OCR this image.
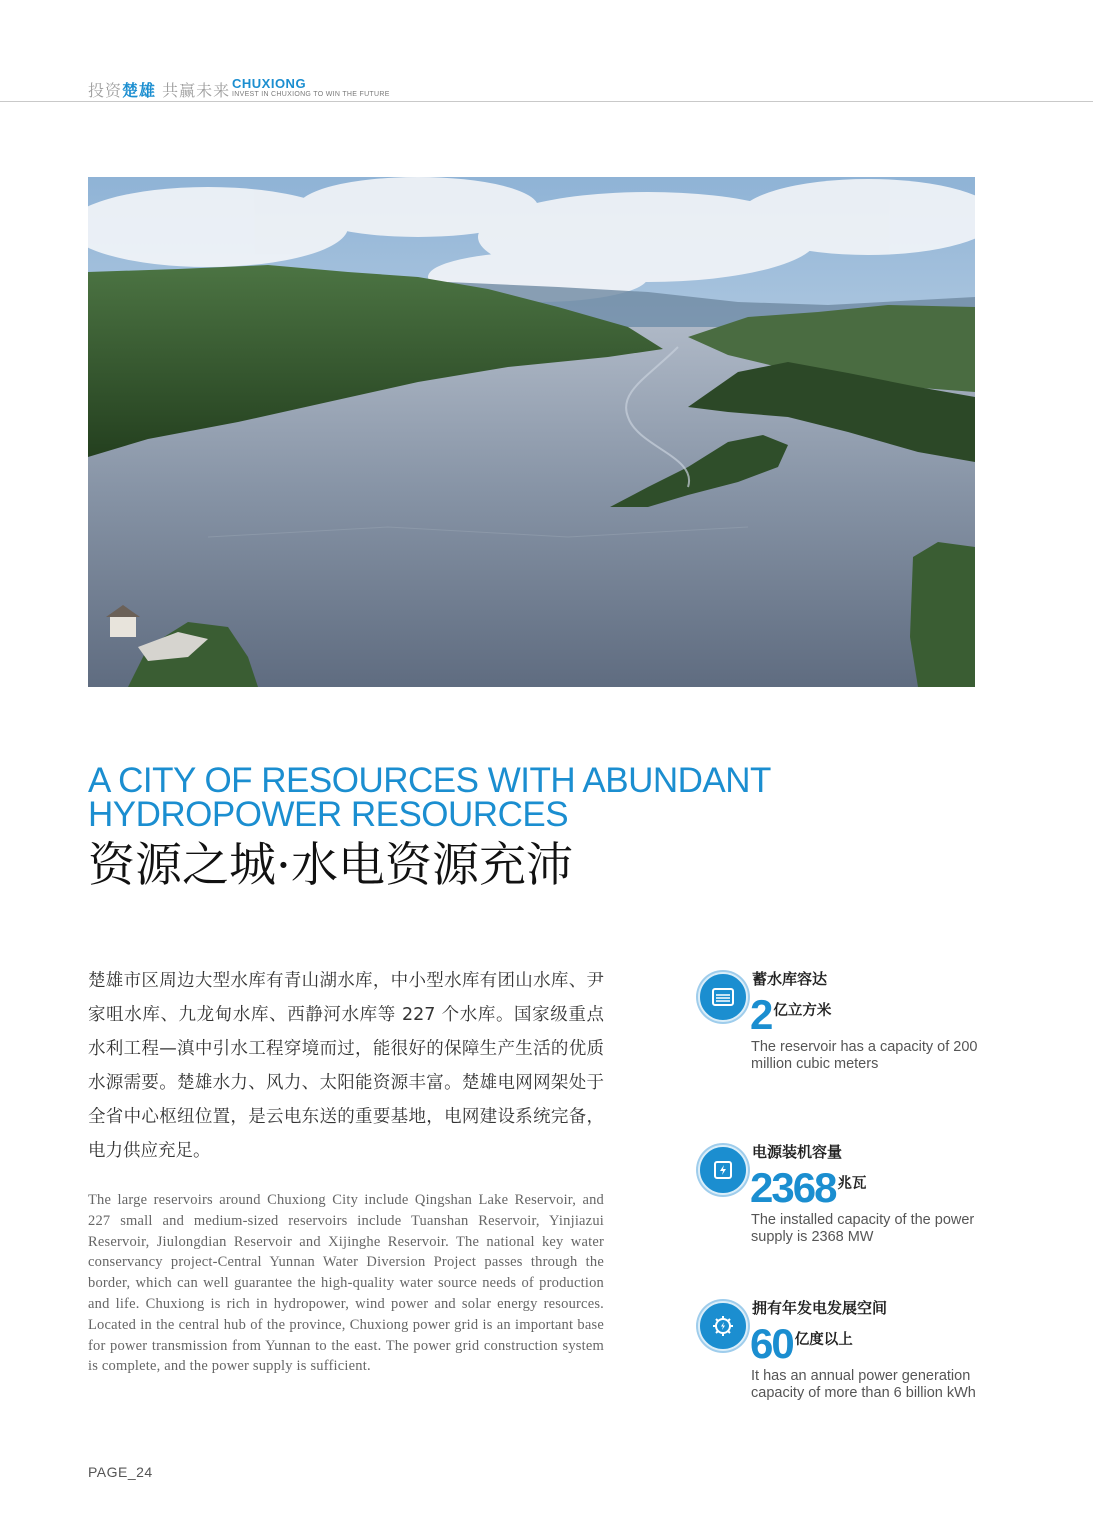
投资楚雄 共赢未来 CHUXIONG
INVEST IN CHUXIONG TO WIN THE FUTURE
A CITY OF RESOURCES WITH ABUNDANT
HYDROPOWER RESOURCES
资源之城·水电资源充沛
楚雄市区周边大型水库有青山湖水库，中小型水库有团山水库、尹家咀水库、九龙甸水库、西静河水库等 227 个水库。国家级重点水利工程—滇中引水工程穿境而过，能很好的保障生产生活的优质水源需要。楚雄水力、风力、太阳能资源丰富。楚雄电网网架处于全省中心枢纽位置，是云电东送的重要基地，电网建设系统完备，电力供应充足。
The large reservoirs around Chuxiong City include Qingshan Lake Reservoir, and 227 small and medium-sized reservoirs include Tuanshan Reservoir, Yinjiazui Reservoir, Jiulongdian Reservoir and Xijinghe Reservoir. The national key water conservancy project-Central Yunnan Water Diversion Project passes through the border, which can well guarantee the high-quality water source needs of production and life. Chuxiong is rich in hydropower, wind power and solar energy resources. Located in the central hub of the province, Chuxiong power grid is an important base for power transmission from Yunnan to the east. The power grid construction system is complete, and the power supply is sufficient.
蓄水库容达
2 亿立方米
The reservoir has a capacity of 200 million cubic meters
电源装机容量
2368 兆瓦
The installed capacity of the power supply is 2368 MW
拥有年发电发展空间
60 亿度以上
It has an annual power generation capacity of more than 6 billion kWh
PAGE_24
